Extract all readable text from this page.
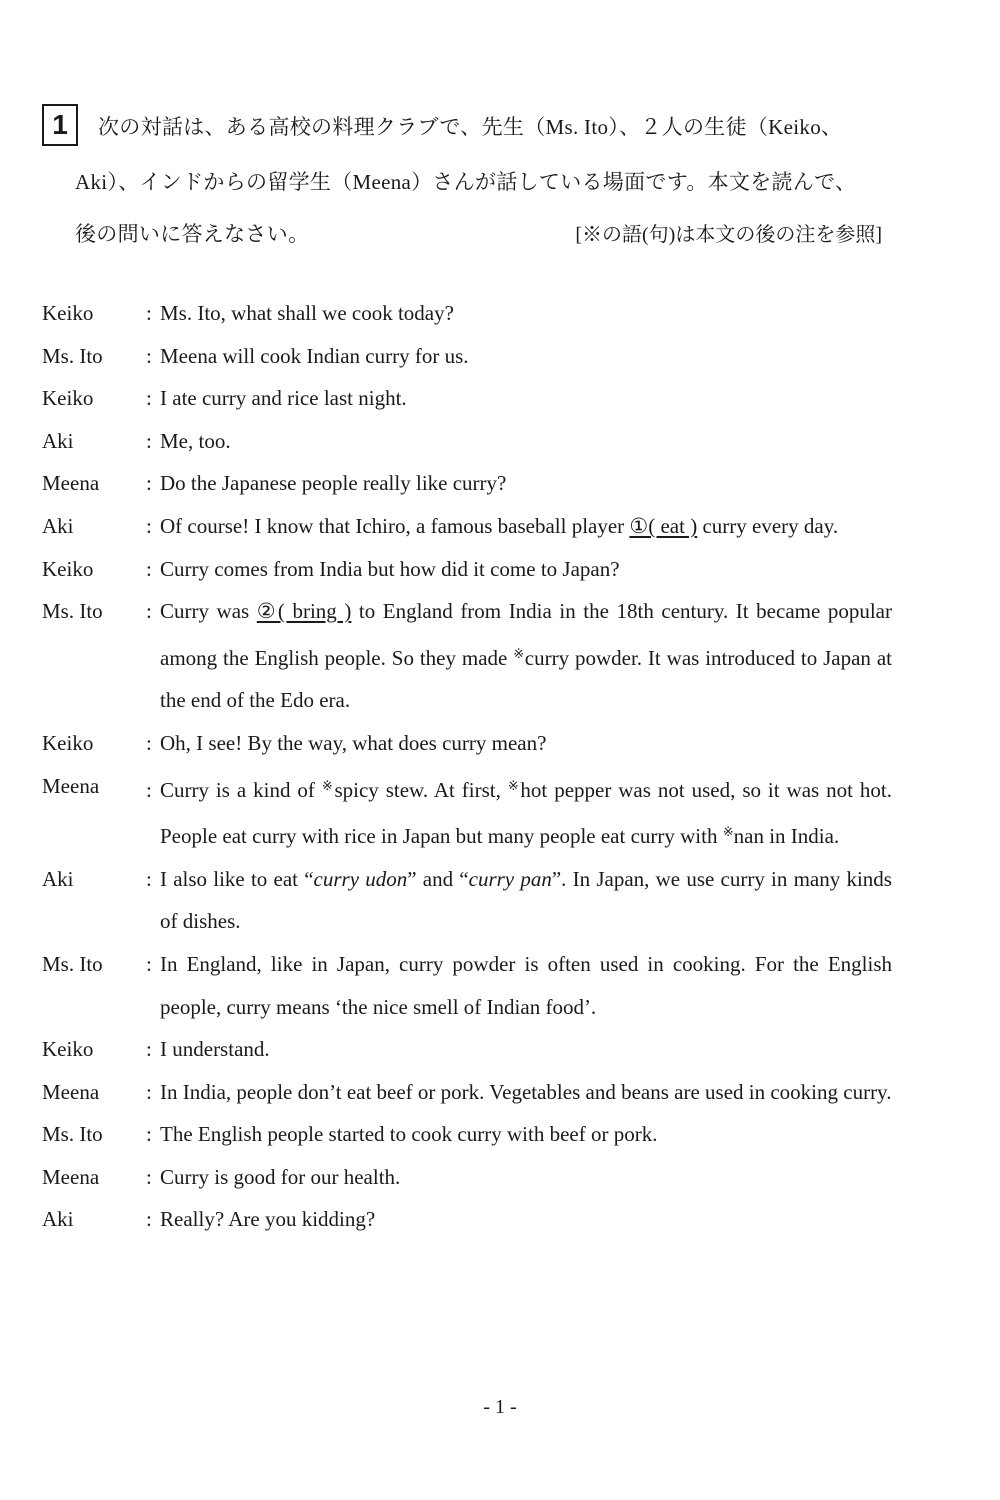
1	次の対話は、ある高校の料理クラブで、先生（Ms. Ito）、２人の生徒（Keiko、
Aki）、インドからの留学生（Meena）さんが話している場面です。本文を読んで、
後の問いに答えなさい。	[※の語(句)は本文の後の注を参照]
Keiko	: Ms. Ito, what shall we cook today?
Ms. Ito	: Meena will cook Indian curry for us.
Keiko	: I ate curry and rice last night.
Aki	: Me, too.
Meena	: Do the Japanese people really like curry?
Aki	: Of course! I know that Ichiro, a famous baseball player ①( eat ) curry every day.
Keiko	: Curry comes from India but how did it come to Japan?
Ms. Ito	: Curry was ②( bring ) to England from India in the 18th century. It became popular among the English people. So they made ※curry powder. It was introduced to Japan at the end of the Edo era.
Keiko	: Oh, I see! By the way, what does curry mean?
Meena	: Curry is a kind of ※spicy stew. At first, ※hot pepper was not used, so it was not hot. People eat curry with rice in Japan but many people eat curry with ※nan in India.
Aki	: I also like to eat “curry udon” and “curry pan”. In Japan, we use curry in many kinds of dishes.
Ms. Ito	: In England, like in Japan, curry powder is often used in cooking. For the English people, curry means ‘the nice smell of Indian food’.
Keiko	: I understand.
Meena	: In India, people don’t eat beef or pork. Vegetables and beans are used in cooking curry.
Ms. Ito	: The English people started to cook curry with beef or pork.
Meena	: Curry is good for our health.
Aki	: Really? Are you kidding?
- 1 -
